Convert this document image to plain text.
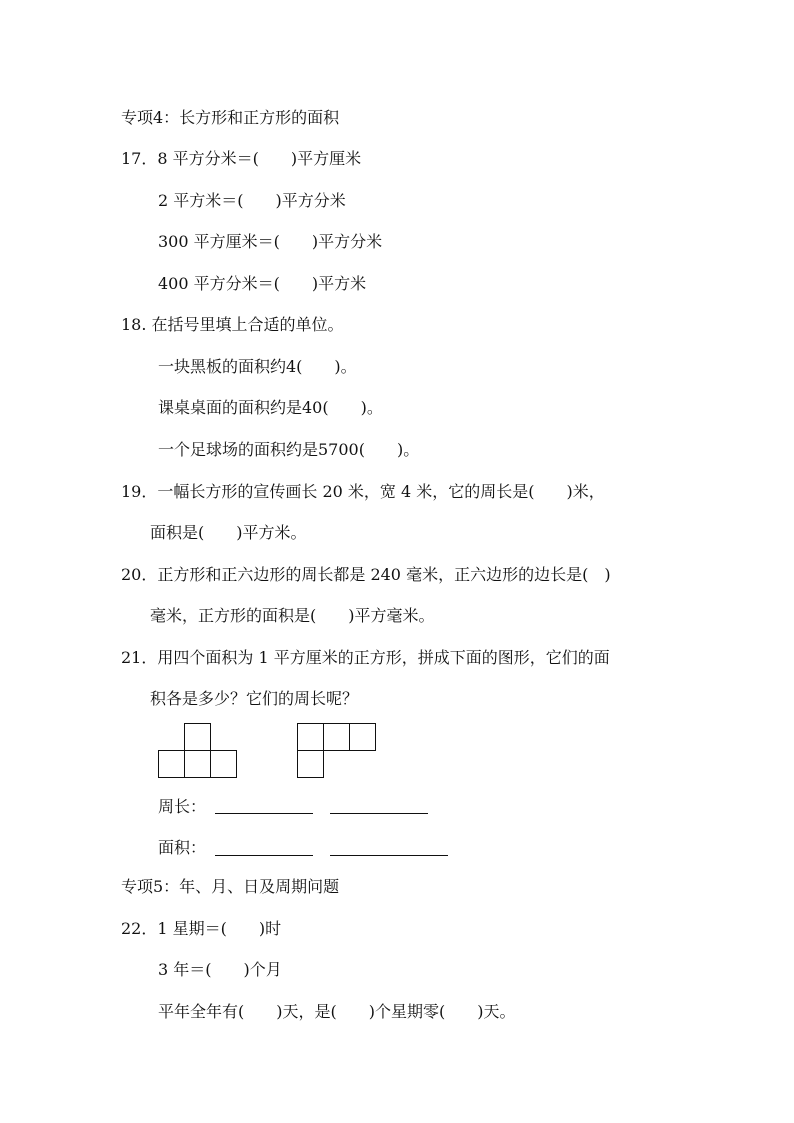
专项4：长方形和正方形的面积
17．8 平方分米＝(　　)平方厘米
2 平方米＝(　　)平方分米
300 平方厘米＝(　　)平方分米
400 平方分米＝(　　)平方米
18. 在括号里填上合适的单位。
一块黑板的面积约4(　　)。
课桌桌面的面积约是40(　　)。
一个足球场的面积约是5700(　　)。
19．一幅长方形的宣传画长 20 米，宽 4 米，它的周长是(　　)米，
面积是(　　)平方米。
20．正方形和正六边形的周长都是 240 毫米，正六边形的边长是(　)
毫米，正方形的面积是(　　)平方毫米。
21．用四个面积为 1 平方厘米的正方形，拼成下面的图形，它们的面
积各是多少？它们的周长呢？
周长：
面积：
专项5：年、月、日及周期问题
22．1 星期＝(　　)时
3 年＝(　　)个月
平年全年有(　　)天，是(　　)个星期零(　　)天。
